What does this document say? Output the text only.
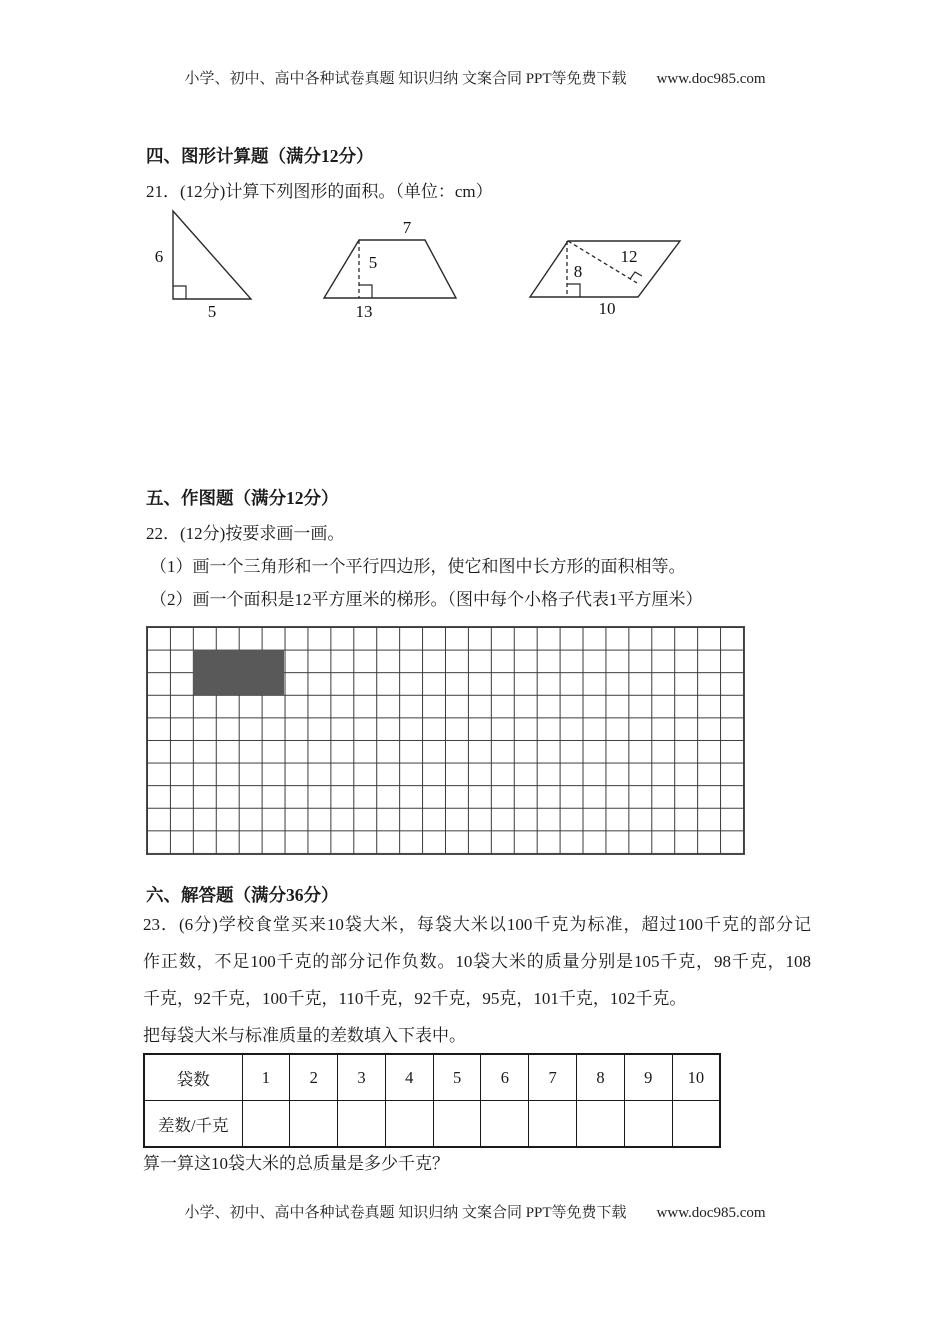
小学、初中、高中各种试卷真题 知识归纳 文案合同 PPT等免费下载　　www.doc985.com
四、图形计算题（满分12分）
21．(12分)计算下列图形的面积。（单位：cm）
6
5
7
5
13
8
12
10
五、作图题（满分12分）
22．(12分)按要求画一画。
（1）画一个三角形和一个平行四边形，使它和图中长方形的面积相等。
（2）画一个面积是12平方厘米的梯形。（图中每个小格子代表1平方厘米）
六、解答题（满分36分）
23．(6分)学校食堂买来10袋大米，每袋大米以100千克为标准，超过100千克的部分记
作正数，不足100千克的部分记作负数。10袋大米的质量分别是105千克，98千克，108
千克，92千克，100千克，110千克，92千克，95克，101千克，102千克。
把每袋大米与标准质量的差数填入下表中。
袋数	1	2	3	4	5	6	7	8	9	10
差数/千克										
算一算这10袋大米的总质量是多少千克？
小学、初中、高中各种试卷真题 知识归纳 文案合同 PPT等免费下载　　www.doc985.com
